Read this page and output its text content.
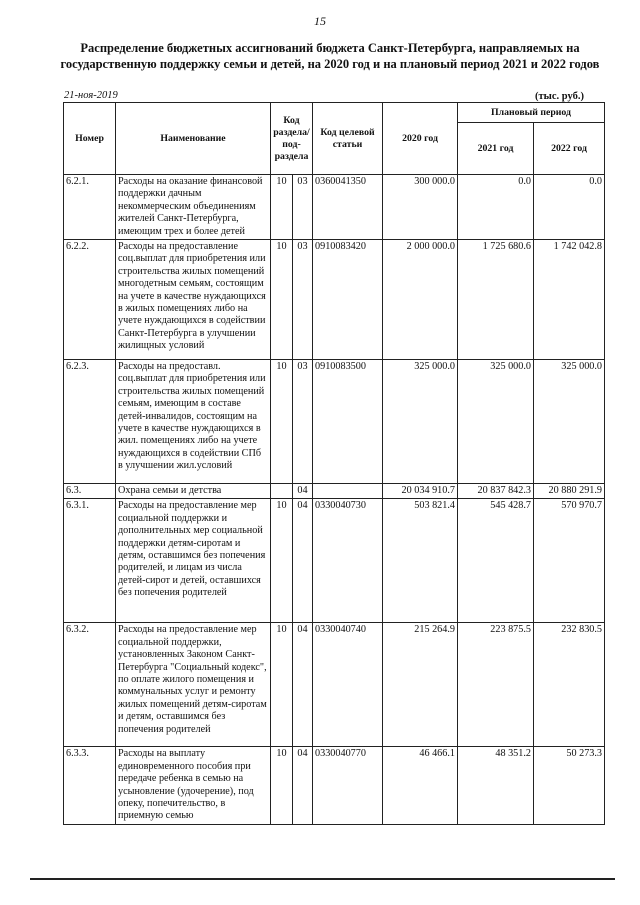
15
Распределение бюджетных ассигнований бюджета Санкт-Петербурга, направляемых на государственную поддержку семьи и детей, на 2020 год и на плановый период 2021 и 2022 годов
21-ноя-2019	(тыс. руб.)
Номер	Наименование	Код раздела/под- раздела		Код целевой статьи	2020 год	Плановый период	
						2021 год	2022 год
6.2.1.	Расходы на оказание финансовой поддержки дачным некоммерческим объединениям жителей Санкт-Петербурга, имеющим трех и более детей	10	03	0360041350	300 000.0	0.0	0.0
6.2.2.	Расходы на предоставление соц.выплат для приобретения или строительства жилых помещений многодетным семьям, состоящим на учете в качестве нуждающихся в жилых помещениях либо на учете нуждающихся в содействии Санкт-Петербурга в улучшении жилищных условий	10	03	0910083420	2 000 000.0	1 725 680.6	1 742 042.8
6.2.3.	Расходы на предоставл. соц.выплат для приобретения или строительства жилых помещений семьям, имеющим в составе детей-инвалидов, состоящим на учете в качестве нуждающихся в жил. помещениях либо на учете нуждающихся в содействии СПб в улучшении жил.условий	10	03	0910083500	325 000.0	325 000.0	325 000.0
6.3.	Охрана семьи и детства		04		20 034 910.7	20 837 842.3	20 880 291.9
6.3.1.	Расходы на предоставление мер социальной поддержки и дополнительных мер социальной поддержки детям-сиротам и детям, оставшимся без попечения родителей, и лицам из числа детей-сирот и детей, оставшихся без попечения родителей	10	04	0330040730	503 821.4	545 428.7	570 970.7
6.3.2.	Расходы на предоставление мер социальной поддержки, установленных Законом Санкт-Петербурга "Социальный кодекс", по оплате жилого помещения и коммунальных услуг и ремонту жилых помещений детям-сиротам и детям, оставшимся без попечения родителей	10	04	0330040740	215 264.9	223 875.5	232 830.5
6.3.3.	Расходы на выплату единовременного пособия при передаче ребенка в семью на усыновление (удочерение), под опеку, попечительство, в приемную семью	10	04	0330040770	46 466.1	48 351.2	50 273.3
